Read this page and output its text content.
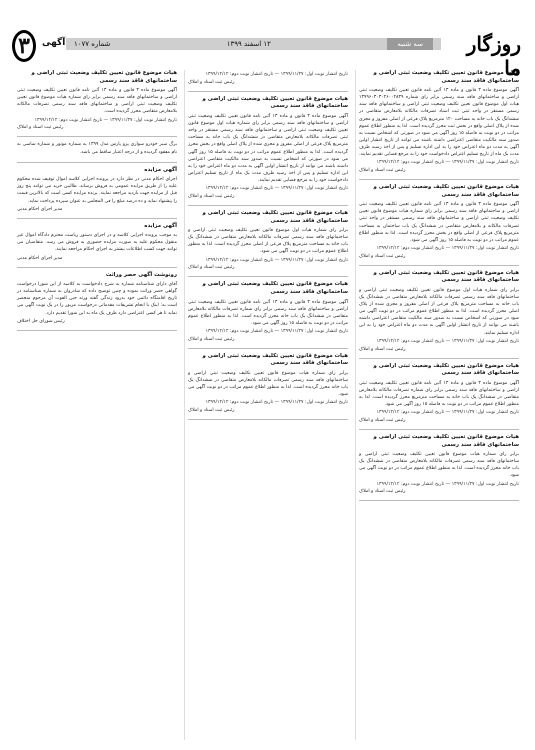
روزگار ما
سه شنبه
۱۲ اسفند ۱۳۹۹
شماره ۱۰۷۷
آگهی
۳
هیات موضوع قانون تعیین تکلیف وضعیت ثبتی اراضی و ساختمانهای فاقد سند رسمی

آگهی موضوع ماده ۳ قانون و ماده ۱۳ آئین نامه قانون تعیین تکلیف وضعیت ثبتی اراضی و ساختمانهای فاقد سند رسمی برابر رای شماره ۱۳۹۹۶۰۳۰۳۰۲۶۰۰۲۸۳۹ هیات اول موضوع قانون تعیین تکلیف وضعیت ثبتی اراضی و ساختمانهای فاقد سند رسمی مستقر در واحد ثبتی ثبت اسناد تصرفات مالکانه بلامعارض متقاضی در ششدانگ یک باب خانه به مساحت ۱۲۰ مترمربع پلاک فرعی از اصلی مفروز و مجزی شده از پلاک اصلی واقع در بخش ثبت محرز گردیده است. لذا به منظور اطلاع عموم مراتب در دو نوبت به فاصله ۱۵ روز آگهی می شود در صورتی که اشخاص نسبت به صدور سند مالکیت متقاضی اعتراضی داشته باشند می توانند از تاریخ انتشار اولین آگهی به مدت دو ماه اعتراض خود را به این اداره تسلیم و پس از اخذ رسید ظرف مدت یک ماه از تاریخ تسلیم اعتراض دادخواست خود را به مرجع قضایی تقدیم نمایند.

تاریخ انتشار نوبت اول: ۱۳۹۹/۱۱/۲۷ — تاریخ انتشار نوبت دوم: ۱۳۹۹/۱۲/۱۲
رئیس ثبت اسناد و املاک
هیات موضوع قانون تعیین تکلیف وضعیت ثبتی اراضی و ساختمانهای فاقد سند رسمی

آگهی موضوع ماده ۳ قانون و ماده ۱۳ آئین نامه قانون تعیین تکلیف وضعیت ثبتی اراضی و ساختمانهای فاقد سند رسمی برابر رای شماره هیات موضوع قانون تعیین تکلیف وضعیت ثبتی اراضی و ساختمانهای فاقد سند رسمی مستقر در واحد ثبتی تصرفات مالکانه و بلامعارض متقاضی در ششدانگ یک باب ساختمان به مساحت مترمربع پلاک فرعی از اصلی واقع در بخش محرز گردیده است. لذا به منظور اطلاع عموم مراتب در دو نوبت به فاصله ۱۵ روز آگهی می شود.

تاریخ انتشار نوبت اول: ۱۳۹۹/۱۱/۲۷ — تاریخ انتشار نوبت دوم: ۱۳۹۹/۱۲/۱۲
رئیس ثبت اسناد و املاک
هیات موضوع قانون تعیین تکلیف وضعیت ثبتی اراضی و ساختمانهای فاقد سند رسمی

برابر رای شماره هیات اول موضوع قانون تعیین تکلیف وضعیت ثبتی اراضی و ساختمانهای فاقد سند رسمی تصرفات مالکانه بلامعارض متقاضی در ششدانگ یک باب خانه به مساحت مترمربع پلاک فرعی از اصلی مفروز و مجزی شده از پلاک اصلی محرز گردیده است. لذا به منظور اطلاع عموم مراتب در دو نوبت آگهی می شود در صورتی که اشخاص نسبت به صدور سند مالکیت متقاضی اعتراضی داشته باشند می توانند از تاریخ انتشار اولین آگهی به مدت دو ماه اعتراض خود را به این اداره تسلیم نمایند.

تاریخ انتشار نوبت اول: ۱۳۹۹/۱۱/۲۷ — تاریخ انتشار نوبت دوم: ۱۳۹۹/۱۲/۱۲
رئیس ثبت اسناد و املاک
هیات موضوع قانون تعیین تکلیف وضعیت ثبتی اراضی و ساختمانهای فاقد سند رسمی

آگهی موضوع ماده ۳ قانون و ماده ۱۳ آئین نامه قانون تعیین تکلیف وضعیت ثبتی اراضی و ساختمانهای فاقد سند رسمی برابر رای شماره تصرفات مالکانه بلامعارض متقاضی در ششدانگ یک باب خانه به مساحت مترمربع محرز گردیده است. لذا به منظور اطلاع عموم مراتب در دو نوبت به فاصله ۱۵ روز آگهی می شود.

تاریخ انتشار نوبت اول: ۱۳۹۹/۱۱/۲۷ — تاریخ انتشار نوبت دوم: ۱۳۹۹/۱۲/۱۲
رئیس ثبت اسناد و املاک
هیات موضوع قانون تعیین تکلیف وضعیت ثبتی اراضی و ساختمانهای فاقد سند رسمی

برابر رای شماره هیات موضوع قانون تعیین تکلیف وضعیت ثبتی اراضی و ساختمانهای فاقد سند رسمی تصرفات مالکانه بلامعارض متقاضی در ششدانگ یک باب خانه محرز گردیده است. لذا به منظور اطلاع عموم مراتب در دو نوبت آگهی می شود.

تاریخ انتشار نوبت اول: ۱۳۹۹/۱۱/۲۷ — تاریخ انتشار نوبت دوم: ۱۳۹۹/۱۲/۱۲
رئیس ثبت اسناد و املاک

تاریخ انتشار نوبت اول: ۱۳۹۹/۱۱/۲۷ — تاریخ انتشار نوبت دوم: ۱۳۹۹/۱۲/۱۲
رئیس ثبت اسناد و املاک
هیات موضوع قانون تعیین تکلیف وضعیت ثبتی اراضی و ساختمانهای فاقد سند رسمی

آگهی موضوع ماده ۳ قانون و ماده ۱۳ آئین نامه قانون تعیین تکلیف وضعیت ثبتی اراضی و ساختمانهای فاقد سند رسمی برابر رای شماره هیات اول موضوع قانون تعیین تکلیف وضعیت ثبتی اراضی و ساختمانهای فاقد سند رسمی مستقر در واحد ثبتی تصرفات مالکانه بلامعارض متقاضی در ششدانگ یک باب خانه به مساحت مترمربع پلاک فرعی از اصلی مفروز و مجزی شده از پلاک اصلی واقع در بخش محرز گردیده است. لذا به منظور اطلاع عموم مراتب در دو نوبت به فاصله ۱۵ روز آگهی می شود در صورتی که اشخاص نسبت به صدور سند مالکیت متقاضی اعتراضی داشته باشند می توانند از تاریخ انتشار اولین آگهی به مدت دو ماه اعتراض خود را به این اداره تسلیم و پس از اخذ رسید ظرف مدت یک ماه از تاریخ تسلیم اعتراض دادخواست خود را به مرجع قضایی تقدیم نمایند.

تاریخ انتشار نوبت اول: ۱۳۹۹/۱۱/۲۷ — تاریخ انتشار نوبت دوم: ۱۳۹۹/۱۲/۱۲
رئیس ثبت اسناد و املاک
هیات موضوع قانون تعیین تکلیف وضعیت ثبتی اراضی و ساختمانهای فاقد سند رسمی

برابر رای شماره هیات اول موضوع قانون تعیین تکلیف وضعیت ثبتی اراضی و ساختمانهای فاقد سند رسمی تصرفات مالکانه بلامعارض متقاضی در ششدانگ یک باب خانه به مساحت مترمربع پلاک فرعی از اصلی محرز گردیده است. لذا به منظور اطلاع عموم مراتب در دو نوبت آگهی می شود.

تاریخ انتشار نوبت اول: ۱۳۹۹/۱۱/۲۷ — تاریخ انتشار نوبت دوم: ۱۳۹۹/۱۲/۱۲
رئیس ثبت اسناد و املاک
هیات موضوع قانون تعیین تکلیف وضعیت ثبتی اراضی و ساختمانهای فاقد سند رسمی

آگهی موضوع ماده ۳ قانون و ماده ۱۳ آئین نامه قانون تعیین تکلیف وضعیت ثبتی اراضی و ساختمانهای فاقد سند رسمی برابر رای شماره تصرفات مالکانه بلامعارض متقاضی در ششدانگ یک باب خانه محرز گردیده است. لذا به منظور اطلاع عموم مراتب در دو نوبت به فاصله ۱۵ روز آگهی می شود.

تاریخ انتشار نوبت اول: ۱۳۹۹/۱۱/۲۷ — تاریخ انتشار نوبت دوم: ۱۳۹۹/۱۲/۱۲
رئیس ثبت اسناد و املاک
هیات موضوع قانون تعیین تکلیف وضعیت ثبتی اراضی و ساختمانهای فاقد سند رسمی

برابر رای شماره هیات موضوع قانون تعیین تکلیف وضعیت ثبتی اراضی و ساختمانهای فاقد سند رسمی تصرفات مالکانه بلامعارض متقاضی در ششدانگ یک باب خانه محرز گردیده است. لذا به منظور اطلاع عموم مراتب در دو نوبت آگهی می شود.

تاریخ انتشار نوبت اول: ۱۳۹۹/۱۱/۲۷ — تاریخ انتشار نوبت دوم: ۱۳۹۹/۱۲/۱۲
رئیس ثبت اسناد و املاک
هیات موضوع قانون تعیین تکلیف وضعیت ثبتی اراضی و ساختمانهای فاقد سند رسمی

آگهی موضوع ماده ۳ قانون و ماده ۱۳ آئین نامه قانون تعیین تکلیف وضعیت ثبتی اراضی و ساختمانهای فاقد سند رسمی برابر رای شماره هیات موضوع قانون تعیین تکلیف وضعیت ثبتی اراضی و ساختمانهای فاقد سند رسمی تصرفات مالکانه بلامعارض متقاضی محرز گردیده است.

تاریخ انتشار نوبت اول: ۱۳۹۹/۱۱/۲۷ — تاریخ انتشار نوبت دوم: ۱۳۹۹/۱۲/۱۲
رئیس ثبت اسناد و املاک

برگ سبز خودرو سواری پژو پارس مدل ۱۳۹۹ به شماره موتور و شماره شاسی به نام مفقود گردیده و از درجه اعتبار ساقط می باشد.

آگهی مزایده

اجرای احکام مدنی در نظر دارد در پرونده اجرایی کلاسه اموال توقیف شده محکوم علیه را از طریق مزایده عمومی به فروش برساند. طالبین خرید می توانند پنج روز قبل از مزایده جهت بازدید مراجعه نمایند. برنده مزایده کسی است که بالاترین قیمت را پیشنهاد نماید و ده درصد مبلغ را فی المجلس به عنوان سپرده پرداخت نماید.

مدیر اجرای احکام مدنی
آگهی مزایده

به موجب پرونده اجرایی کلاسه و در اجرای دستور ریاست محترم دادگاه اموال غیر منقول محکوم علیه به صورت مزایده حضوری به فروش می رسد. متقاضیان می توانند جهت کسب اطلاعات بیشتر به اجرای احکام مراجعه نمایند.

مدیر اجرای احکام مدنی
رونوشت آگهی حصر وراثت

آقای دارای شناسنامه شماره به شرح دادخواست به کلاسه از این شورا درخواست گواهی حصر وراثت نموده و چنین توضیح داده که شادروان به شماره شناسنامه در تاریخ اقامتگاه دائمی خود بدرود زندگی گفته ورثه حین الفوت آن مرحوم منحصر است به: اینک با انجام تشریفات مقدماتی درخواست مزبور را در یک نوبت آگهی می نماید تا هر کسی اعتراضی دارد ظرف یک ماه به این شورا تقدیم دارد.

رئیس شورای حل اختلاف
